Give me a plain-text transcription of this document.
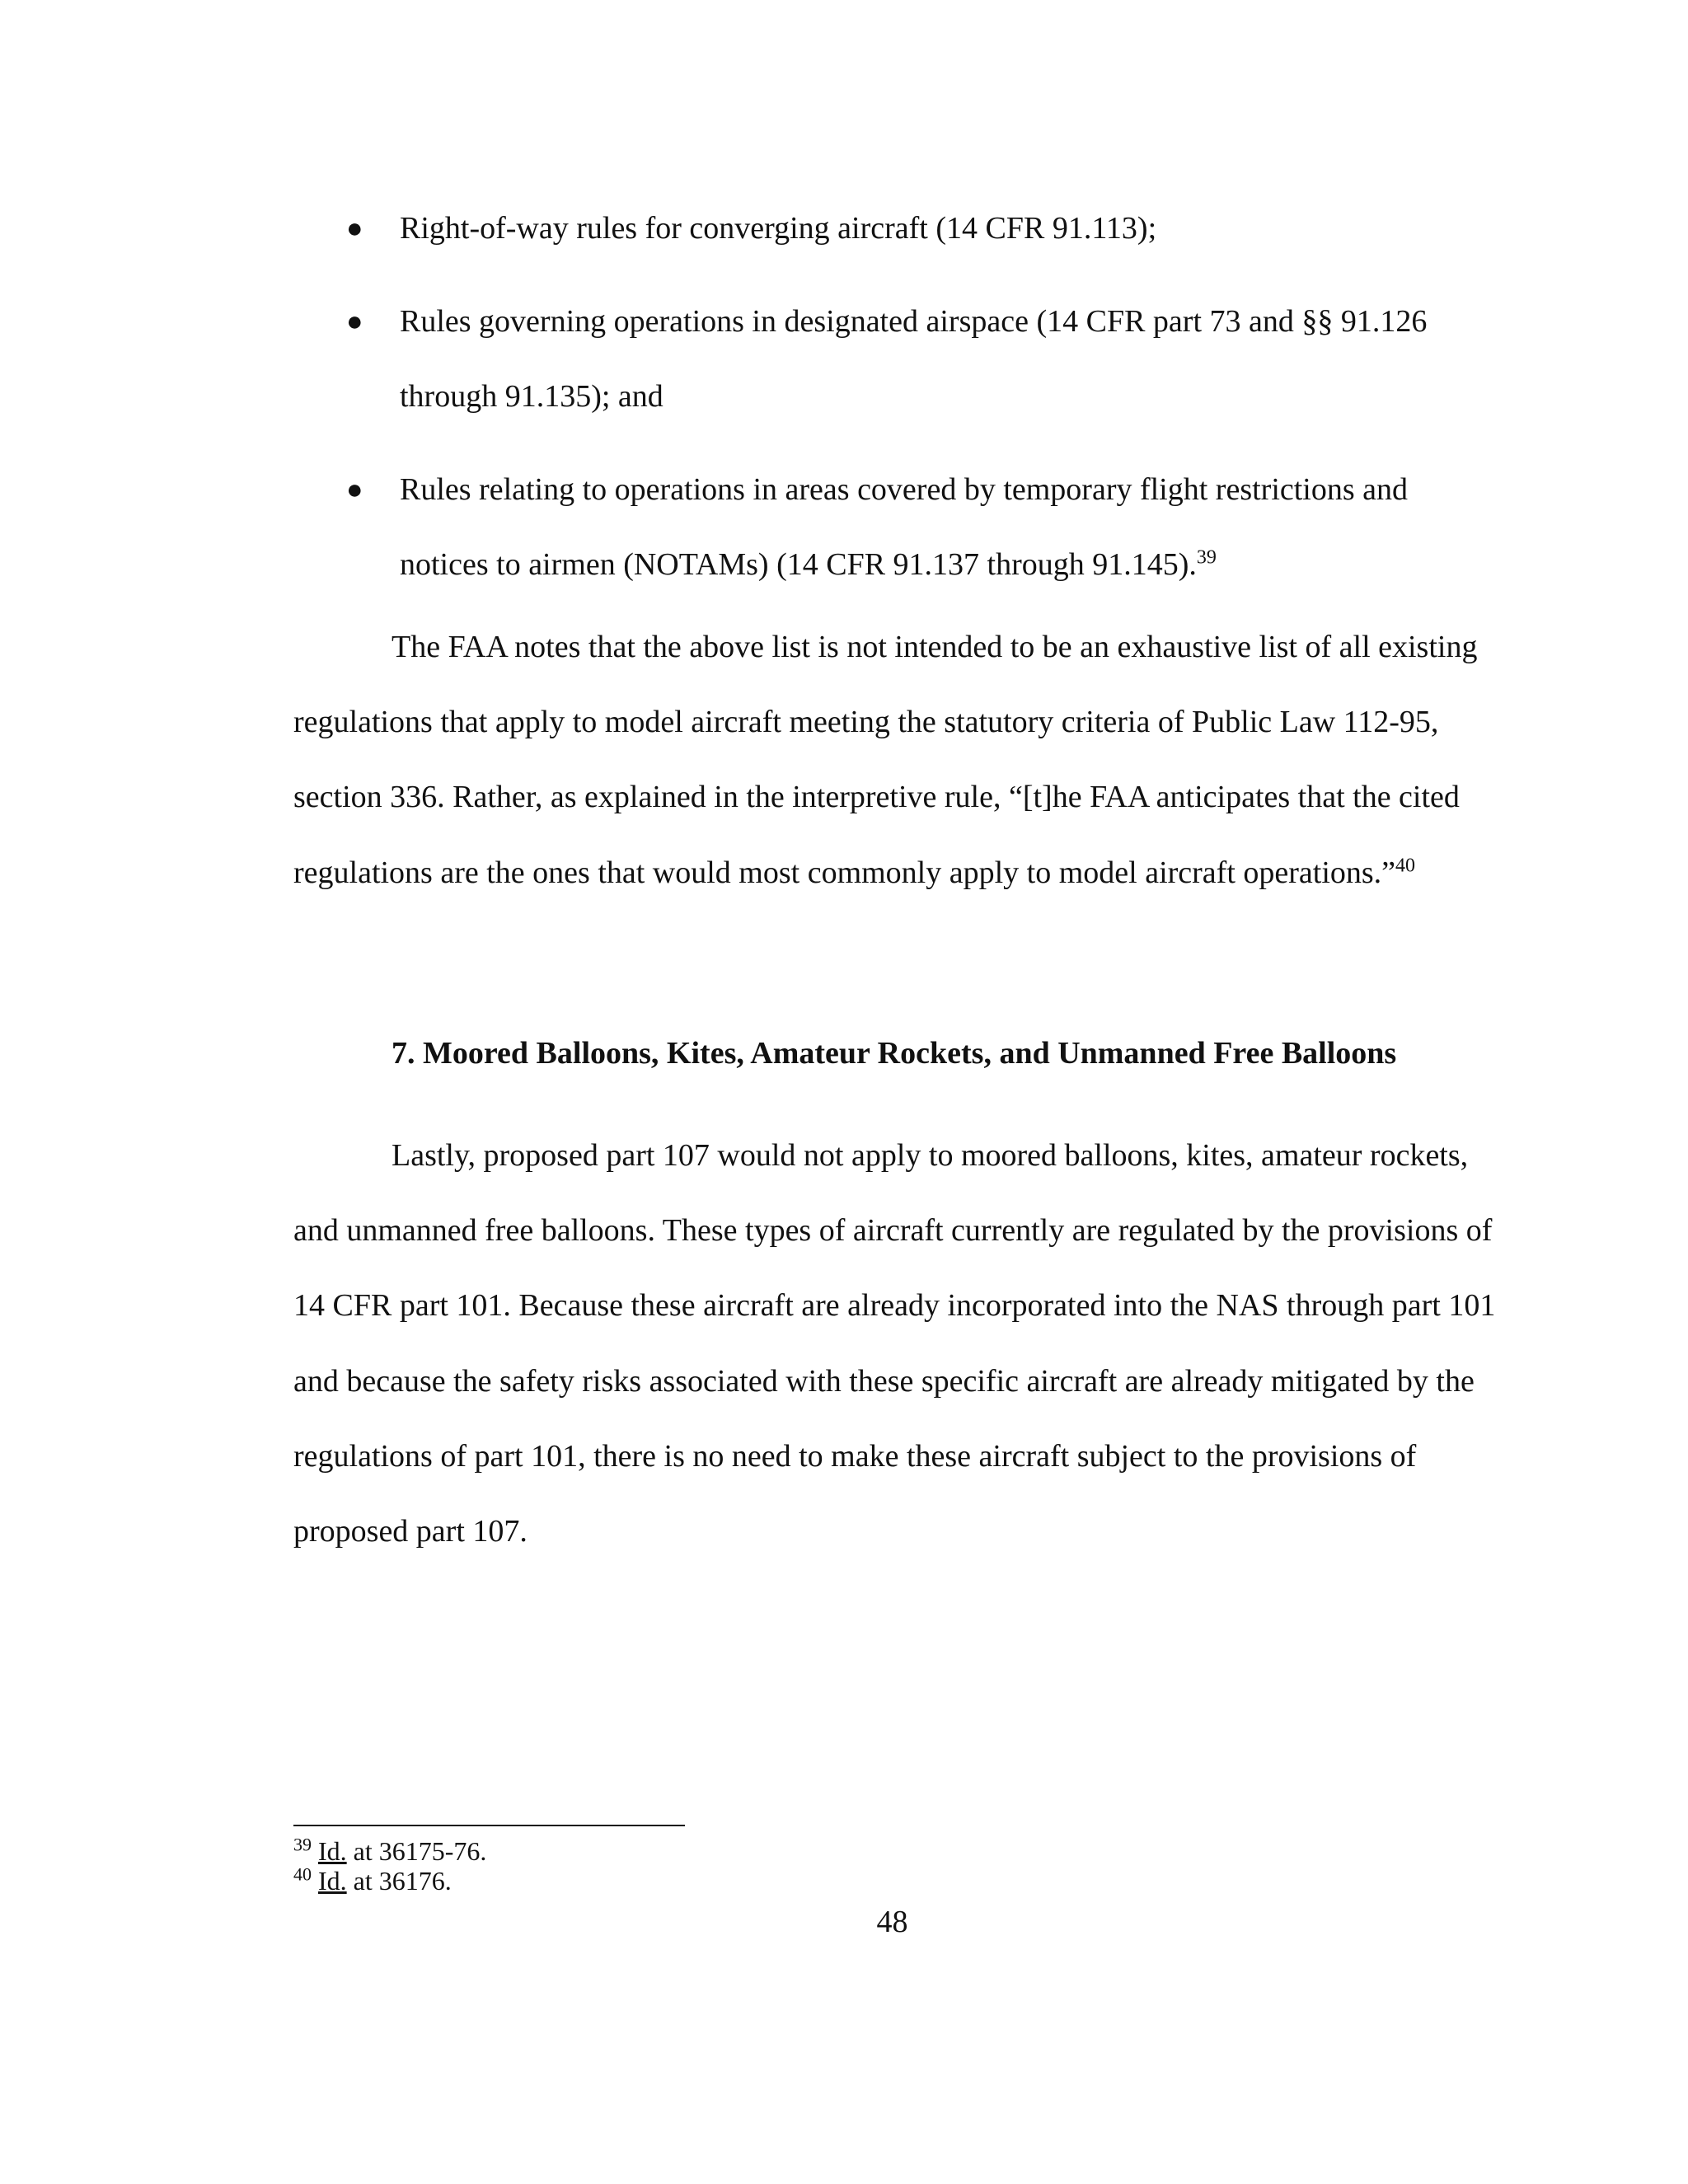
●	Right-of-way rules for converging aircraft (14 CFR 91.113);
●	Rules governing operations in designated airspace (14 CFR part 73 and §§ 91.126 through 91.135); and
●	Rules relating to operations in areas covered by temporary flight restrictions and notices to airmen (NOTAMs) (14 CFR 91.137 through 91.145).$^{39}$

The FAA notes that the above list is not intended to be an exhaustive list of all existing regulations that apply to model aircraft meeting the statutory criteria of Public Law 112-95, section 336. Rather, as explained in the interpretive rule, “[t]he FAA anticipates that the cited regulations are the ones that would most commonly apply to model aircraft operations.”$^{40}$

7. Moored Balloons, Kites, Amateur Rockets, and Unmanned Free Balloons

Lastly, proposed part 107 would not apply to moored balloons, kites, amateur rockets, and unmanned free balloons. These types of aircraft currently are regulated by the provisions of 14 CFR part 101. Because these aircraft are already incorporated into the NAS through part 101 and because the safety risks associated with these specific aircraft are already mitigated by the regulations of part 101, there is no need to make these aircraft subject to the provisions of proposed part 107.

$^{39}$ Id. at 36175-76.
$^{40}$ Id. at 36176.
48
